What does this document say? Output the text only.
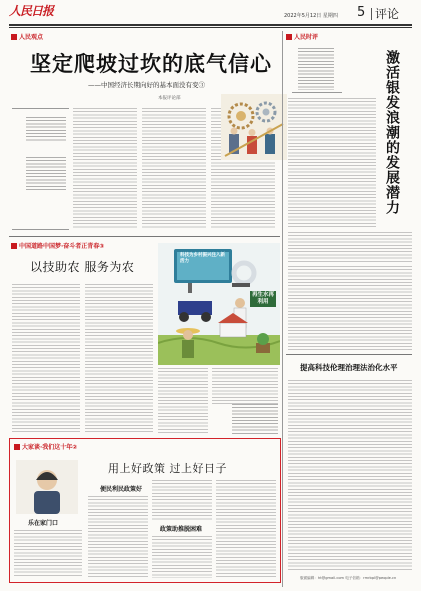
人民日报	2022年5月12日 星期四 5 评论
人民观点
坚定爬坡过坎的底气信心
——中国经济长期向好的基本面没有变③
本报评论部
人民时评
激活银发浪潮的发展潜力
提高科技伦理治理法治化水平
版面编辑：ht@gmail.com 电子信箱：rmrbpl@people.cn
中国道路中国梦·奋斗者正青春③
以技助农 服务为农
科技为乡村振兴注入新活力
再生水再利用
大家谈·我们这十年②
用上好政策 过上好日子
乐在家门口
便民利民政策好
政策助推脱困难
